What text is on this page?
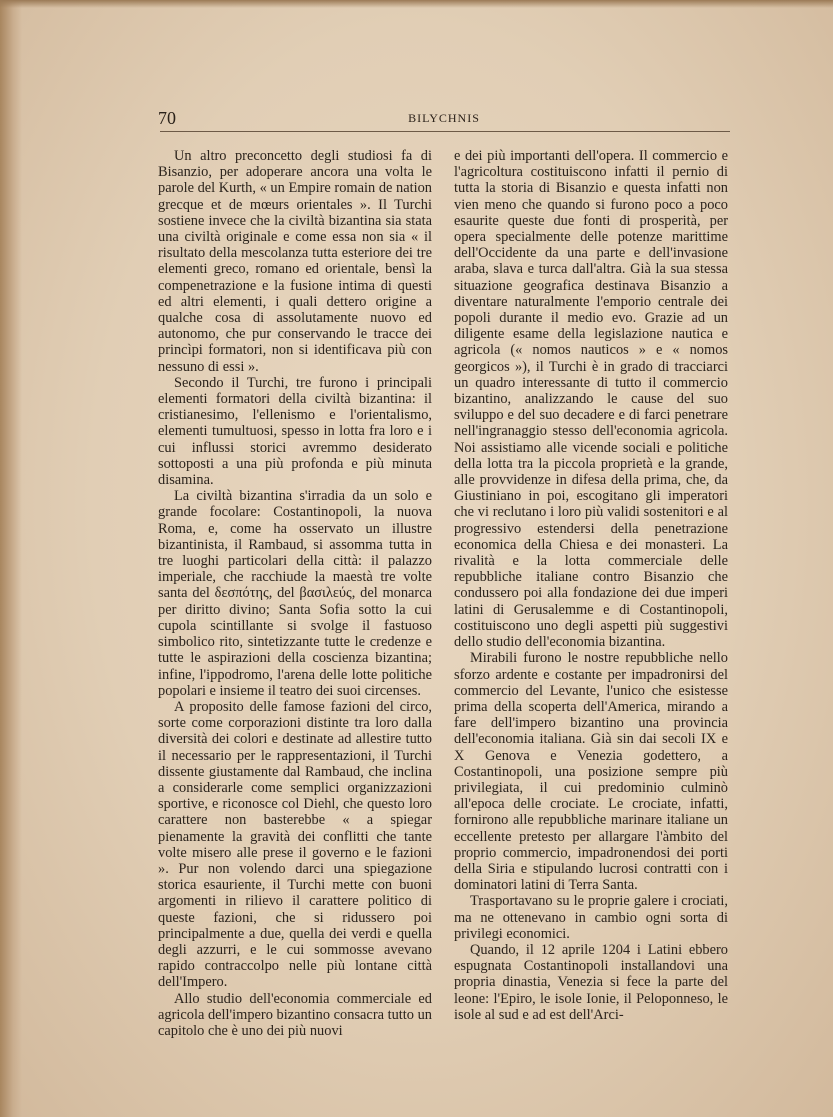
70	BILYCHNIS

Un altro preconcetto degli studiosi fa di Bisanzio, per adoperare ancora una volta le parole del Kurth, « un Empire romain de nation grecque et de mœurs orientales ». Il Turchi sostiene invece che la civiltà bizantina sia stata una civiltà originale e come essa non sia « il risultato della mescolanza tutta esteriore dei tre elementi greco, romano ed orientale, bensì la compenetrazione e la fusione intima di questi ed altri elementi, i quali dettero origine a qualche cosa di assolutamente nuovo ed autonomo, che pur conservando le tracce dei princìpi formatori, non si identificava più con nessuno di essi ».

Secondo il Turchi, tre furono i principali elementi formatori della civiltà bizantina: il cristianesimo, l'ellenismo e l'orientalismo, elementi tumultuosi, spesso in lotta fra loro e i cui influssi storici avremmo desiderato sottoposti a una più profonda e più minuta disamina.

La civiltà bizantina s'irradia da un solo e grande focolare: Costantinopoli, la nuova Roma, e, come ha osservato un illustre bizantinista, il Rambaud, si assomma tutta in tre luoghi particolari della città: il palazzo imperiale, che racchiude la maestà tre volte santa del δεσπότης, del βασιλεύς, del monarca per diritto divino; Santa Sofia sotto la cui cupola scintillante si svolge il fastuoso simbolico rito, sintetizzante tutte le credenze e tutte le aspirazioni della coscienza bizantina; infine, l'ippodromo, l'arena delle lotte politiche popolari e insieme il teatro dei suoi circenses.

A proposito delle famose fazioni del circo, sorte come corporazioni distinte tra loro dalla diversità dei colori e destinate ad allestire tutto il necessario per le rappresentazioni, il Turchi dissente giustamente dal Rambaud, che inclina a considerarle come semplici organizzazioni sportive, e riconosce col Diehl, che questo loro carattere non basterebbe « a spiegar pienamente la gravità dei conflitti che tante volte misero alle prese il governo e le fazioni ». Pur non volendo darci una spiegazione storica esauriente, il Turchi mette con buoni argomenti in rilievo il carattere politico di queste fazioni, che si ridussero poi principalmente a due, quella dei verdi e quella degli azzurri, e le cui sommosse avevano rapido contraccolpo nelle più lontane città dell'Impero.

Allo studio dell'economia commerciale ed agricola dell'impero bizantino consacra tutto un capitolo che è uno dei più nuovi

e dei più importanti dell'opera. Il commercio e l'agricoltura costituiscono infatti il pernio di tutta la storia di Bisanzio e questa infatti non vien meno che quando si furono poco a poco esaurite queste due fonti di prosperità, per opera specialmente delle potenze marittime dell'Occidente da una parte e dell'invasione araba, slava e turca dall'altra. Già la sua stessa situazione geografica destinava Bisanzio a diventare naturalmente l'emporio centrale dei popoli durante il medio evo. Grazie ad un diligente esame della legislazione nautica e agricola (« nomos nauticos » e « nomos georgicos »), il Turchi è in grado di tracciarci un quadro interessante di tutto il commercio bizantino, analizzando le cause del suo sviluppo e del suo decadere e di farci penetrare nell'ingranaggio stesso dell'economia agricola. Noi assistiamo alle vicende sociali e politiche della lotta tra la piccola proprietà e la grande, alle provvidenze in difesa della prima, che, da Giustiniano in poi, escogitano gli imperatori che vi reclutano i loro più validi sostenitori e al progressivo estendersi della penetrazione economica della Chiesa e dei monasteri. La rivalità e la lotta commerciale delle repubbliche italiane contro Bisanzio che condussero poi alla fondazione dei due imperi latini di Gerusalemme e di Costantinopoli, costituiscono uno degli aspetti più suggestivi dello studio dell'economia bizantina.

Mirabili furono le nostre repubbliche nello sforzo ardente e costante per impadronirsi del commercio del Levante, l'unico che esistesse prima della scoperta dell'America, mirando a fare dell'impero bizantino una provincia dell'economia italiana. Già sin dai secoli IX e X Genova e Venezia godettero, a Costantinopoli, una posizione sempre più privilegiata, il cui predominio culminò all'epoca delle crociate. Le crociate, infatti, fornirono alle repubbliche marinare italiane un eccellente pretesto per allargare l'àmbito del proprio commercio, impadronendosi dei porti della Siria e stipulando lucrosi contratti con i dominatori latini di Terra Santa.

Trasportavano su le proprie galere i crociati, ma ne ottenevano in cambio ogni sorta di privilegi economici.

Quando, il 12 aprile 1204 i Latini ebbero espugnata Costantinopoli installandovi una propria dinastia, Venezia si fece la parte del leone: l'Epiro, le isole Ionie, il Peloponneso, le isole al sud e ad est dell'Arci-
